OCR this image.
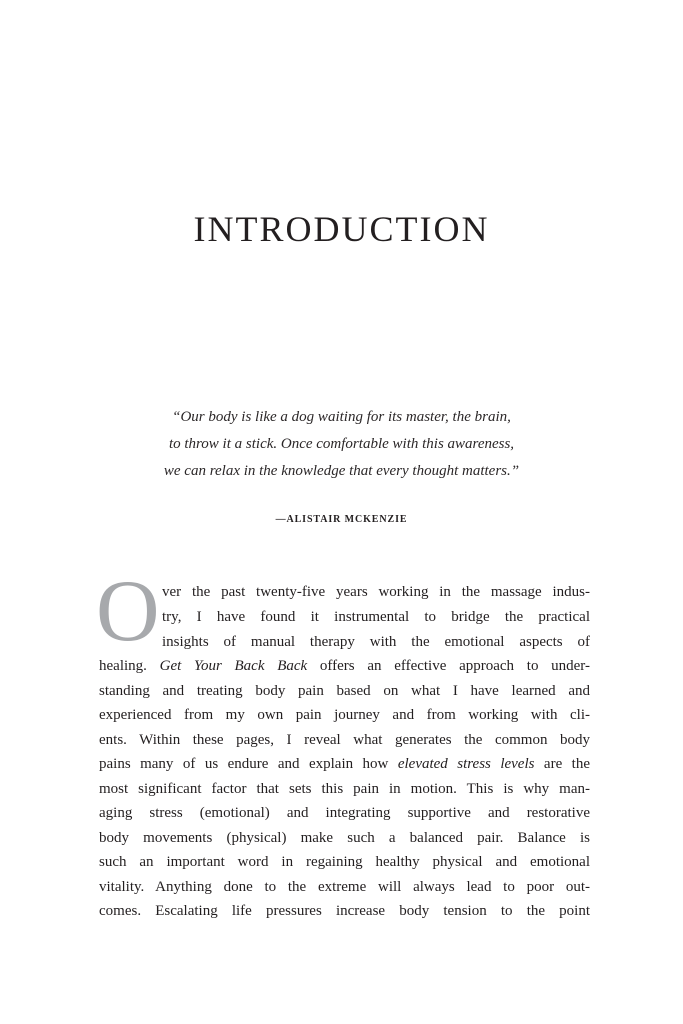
INTRODUCTION
“Our body is like a dog waiting for its master, the brain,
to throw it a stick. Once comfortable with this awareness,
we can relax in the knowledge that every thought matters.”
—ALISTAIR MCKENZIE
O ver the past twenty-five years working in the massage indus-
try, I have found it instrumental to bridge the practical
insights of manual therapy with the emotional aspects of
healing. Get Your Back Back offers an effective approach to under-
standing and treating body pain based on what I have learned and
experienced from my own pain journey and from working with cli-
ents. Within these pages, I reveal what generates the common body
pains many of us endure and explain how elevated stress levels are the
most significant factor that sets this pain in motion. This is why man-
aging stress (emotional) and integrating supportive and restorative
body movements (physical) make such a balanced pair. Balance is
such an important word in regaining healthy physical and emotional
vitality. Anything done to the extreme will always lead to poor out-
comes. Escalating life pressures increase body tension to the point
